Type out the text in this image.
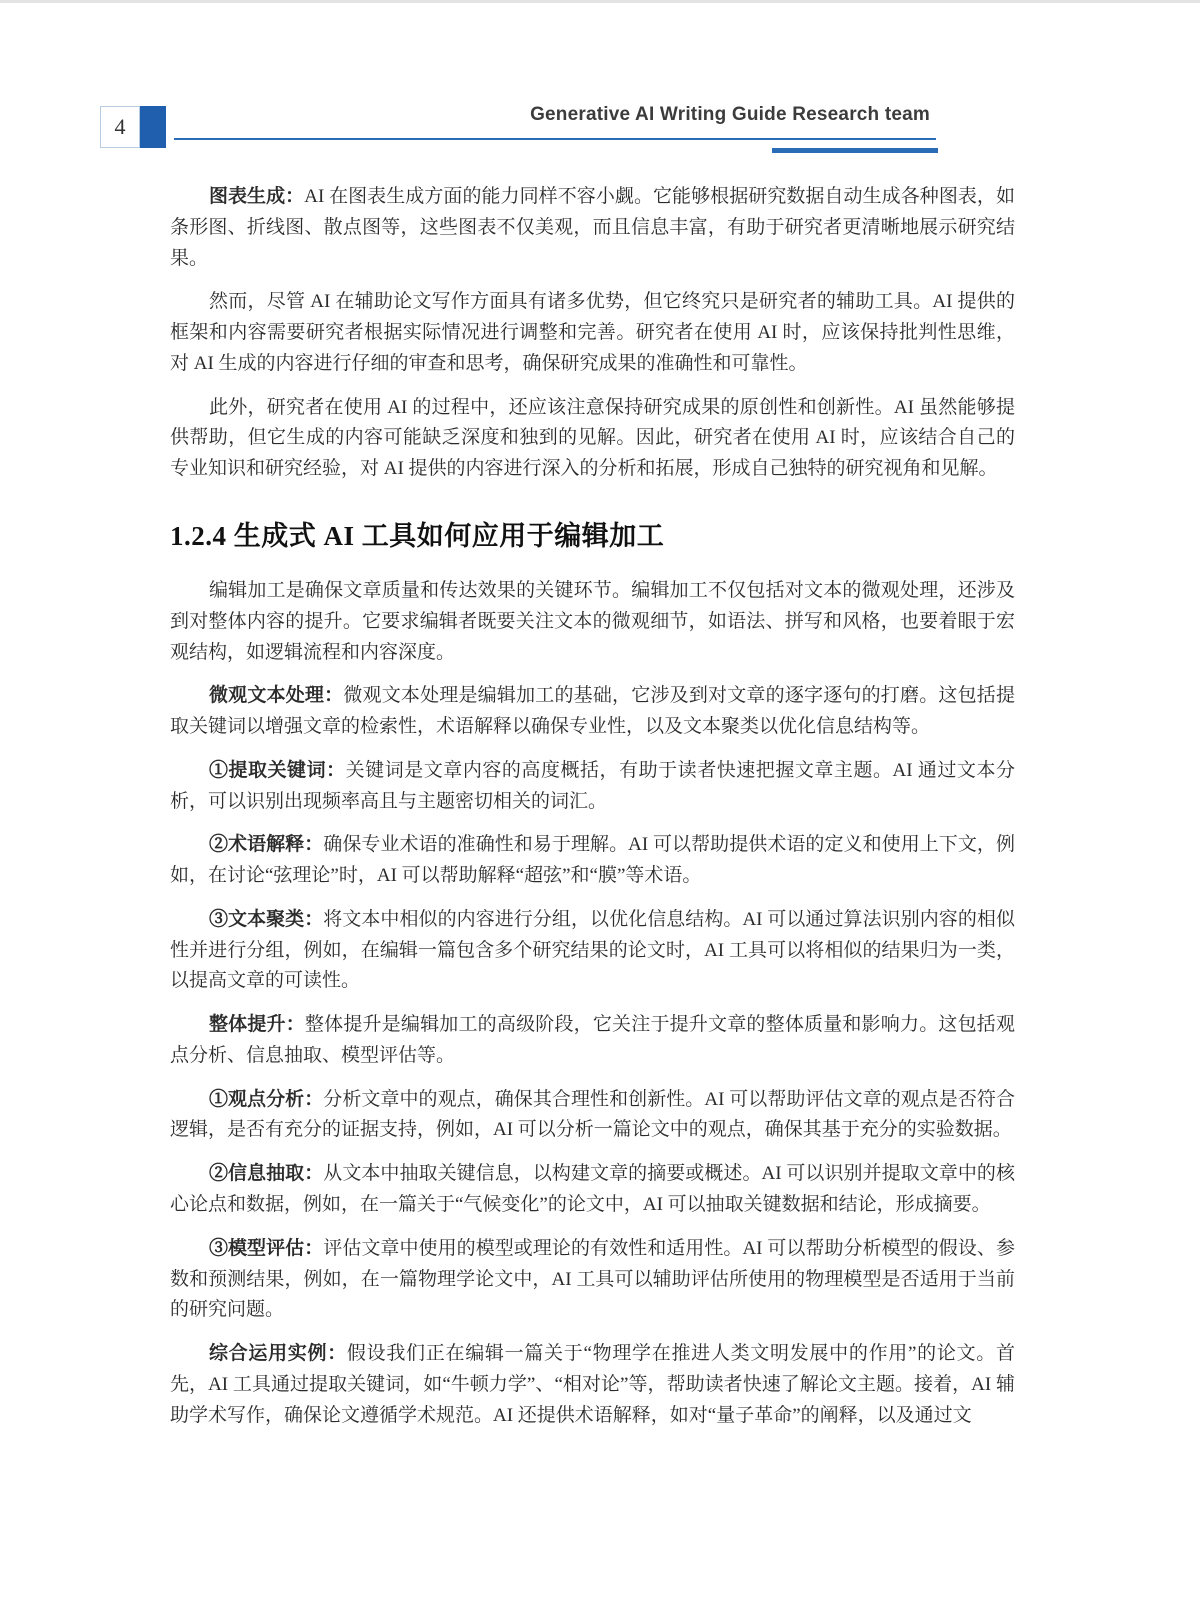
4	Generative AI Writing Guide Research team

图表生成：AI 在图表生成方面的能力同样不容小觑。它能够根据研究数据自动生成各种图表，如条形图、折线图、散点图等，这些图表不仅美观，而且信息丰富，有助于研究者更清晰地展示研究结果。

然而，尽管 AI 在辅助论文写作方面具有诸多优势，但它终究只是研究者的辅助工具。AI 提供的框架和内容需要研究者根据实际情况进行调整和完善。研究者在使用 AI 时，应该保持批判性思维，对 AI 生成的内容进行仔细的审查和思考，确保研究成果的准确性和可靠性。

此外，研究者在使用 AI 的过程中，还应该注意保持研究成果的原创性和创新性。AI 虽然能够提供帮助，但它生成的内容可能缺乏深度和独到的见解。因此，研究者在使用 AI 时，应该结合自己的专业知识和研究经验，对 AI 提供的内容进行深入的分析和拓展，形成自己独特的研究视角和见解。

1.2.4 生成式 AI 工具如何应用于编辑加工

编辑加工是确保文章质量和传达效果的关键环节。编辑加工不仅包括对文本的微观处理，还涉及到对整体内容的提升。它要求编辑者既要关注文本的微观细节，如语法、拼写和风格，也要着眼于宏观结构，如逻辑流程和内容深度。

微观文本处理：微观文本处理是编辑加工的基础，它涉及到对文章的逐字逐句的打磨。这包括提取关键词以增强文章的检索性，术语解释以确保专业性，以及文本聚类以优化信息结构等。

①提取关键词：关键词是文章内容的高度概括，有助于读者快速把握文章主题。AI 通过文本分析，可以识别出现频率高且与主题密切相关的词汇。

②术语解释：确保专业术语的准确性和易于理解。AI 可以帮助提供术语的定义和使用上下文，例如，在讨论“弦理论”时，AI 可以帮助解释“超弦”和“膜”等术语。

③文本聚类：将文本中相似的内容进行分组，以优化信息结构。AI 可以通过算法识别内容的相似性并进行分组，例如，在编辑一篇包含多个研究结果的论文时，AI 工具可以将相似的结果归为一类，以提高文章的可读性。

整体提升：整体提升是编辑加工的高级阶段，它关注于提升文章的整体质量和影响力。这包括观点分析、信息抽取、模型评估等。

①观点分析：分析文章中的观点，确保其合理性和创新性。AI 可以帮助评估文章的观点是否符合逻辑，是否有充分的证据支持，例如，AI 可以分析一篇论文中的观点，确保其基于充分的实验数据。

②信息抽取：从文本中抽取关键信息，以构建文章的摘要或概述。AI 可以识别并提取文章中的核心论点和数据，例如，在一篇关于“气候变化”的论文中，AI 可以抽取关键数据和结论，形成摘要。

③模型评估：评估文章中使用的模型或理论的有效性和适用性。AI 可以帮助分析模型的假设、参数和预测结果，例如，在一篇物理学论文中，AI 工具可以辅助评估所使用的物理模型是否适用于当前的研究问题。

综合运用实例：假设我们正在编辑一篇关于“物理学在推进人类文明发展中的作用”的论文。首先，AI 工具通过提取关键词，如“牛顿力学”、“相对论”等，帮助读者快速了解论文主题。接着，AI 辅助学术写作，确保论文遵循学术规范。AI 还提供术语解释，如对“量子革命”的阐释，以及通过文
